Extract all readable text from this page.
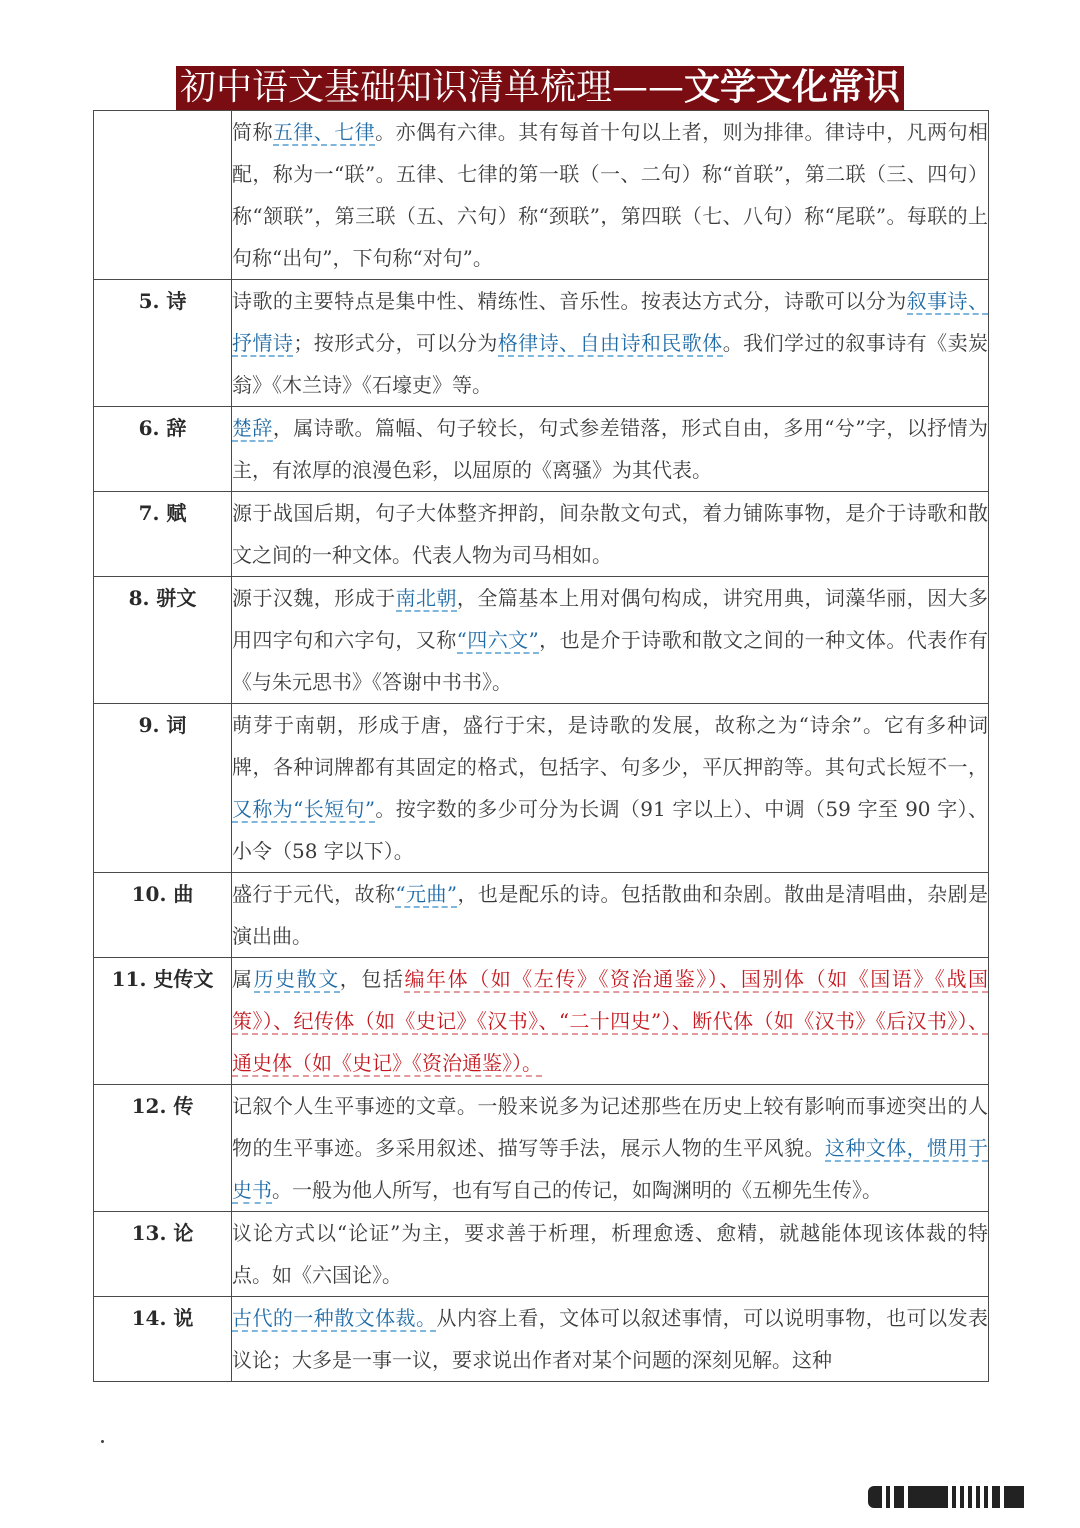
初中语文基础知识清单梳理——文学文化常识
	简称五律、七律。亦偶有六律。其有每首十句以上者，则为排律。律诗中，凡两句相配，称为一“联”。五律、七律的第一联（一、二句）称“首联”，第二联（三、四句）称“颔联”，第三联（五、六句）称“颈联”，第四联（七、八句）称“尾联”。每联的上句称“出句”，下句称“对句”。
5. 诗	诗歌的主要特点是集中性、精练性、音乐性。按表达方式分，诗歌可以分为叙事诗、抒情诗；按形式分，可以分为格律诗、自由诗和民歌体。我们学过的叙事诗有《卖炭翁》《木兰诗》《石壕吏》等。
6. 辞	楚辞，属诗歌。篇幅、句子较长，句式参差错落，形式自由，多用“兮”字，以抒情为主，有浓厚的浪漫色彩，以屈原的《离骚》为其代表。
7. 赋	源于战国后期，句子大体整齐押韵，间杂散文句式，着力铺陈事物，是介于诗歌和散文之间的一种文体。代表人物为司马相如。
8. 骈文	源于汉魏，形成于南北朝，全篇基本上用对偶句构成，讲究用典，词藻华丽，因大多用四字句和六字句，又称“四六文”，也是介于诗歌和散文之间的一种文体。代表作有《与朱元思书》《答谢中书书》。
9. 词	萌芽于南朝，形成于唐，盛行于宋，是诗歌的发展，故称之为“诗余”。它有多种词牌，各种词牌都有其固定的格式，包括字、句多少，平仄押韵等。其句式长短不一，又称为“长短句”。按字数的多少可分为长调（91 字以上）、中调（59 字至 90 字）、小令（58 字以下）。
10. 曲	盛行于元代，故称“元曲”，也是配乐的诗。包括散曲和杂剧。散曲是清唱曲，杂剧是演出曲。
11. 史传文	属历史散文，包括编年体（如《左传》《资治通鉴》）、国别体（如《国语》《战国策》）、纪传体（如《史记》《汉书》、“二十四史”）、断代体（如《汉书》《后汉书》）、通史体（如《史记》《资治通鉴》）。
12. 传	记叙个人生平事迹的文章。一般来说多为记述那些在历史上较有影响而事迹突出的人物的生平事迹。多采用叙述、描写等手法，展示人物的生平风貌。这种文体，惯用于史书。一般为他人所写，也有写自己的传记，如陶渊明的《五柳先生传》。
13. 论	议论方式以“论证”为主，要求善于析理，析理愈透、愈精，就越能体现该体裁的特点。如《六国论》。
14. 说	古代的一种散文体裁。从内容上看，文体可以叙述事情，可以说明事物，也可以发表议论；大多是一事一议，要求说出作者对某个问题的深刻见解。这种
